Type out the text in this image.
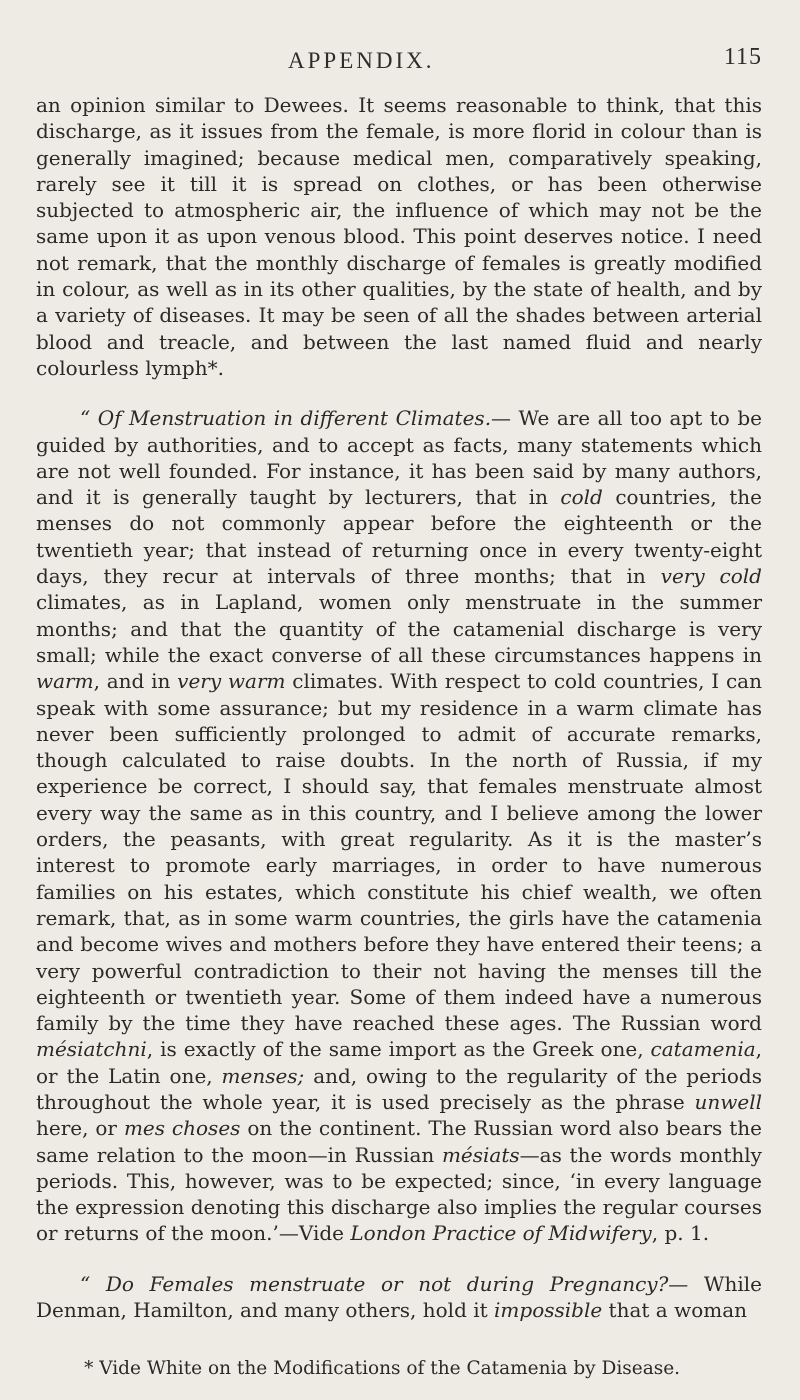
APPENDIX.	115

an opinion similar to Dewees. It seems reasonable to think, that this discharge, as it issues from the female, is more florid in colour than is generally imagined; because medical men, comparatively speaking, rarely see it till it is spread on clothes, or has been otherwise subjected to atmospheric air, the influence of which may not be the same upon it as upon venous blood. This point deserves notice. I need not remark, that the monthly discharge of females is greatly modified in colour, as well as in its other qualities, by the state of health, and by a variety of diseases. It may be seen of all the shades between arterial blood and treacle, and between the last named fluid and nearly colourless lymph*.

“ Of Menstruation in different Climates.— We are all too apt to be guided by authorities, and to accept as facts, many statements which are not well founded. For instance, it has been said by many authors, and it is generally taught by lecturers, that in cold countries, the menses do not commonly appear before the eighteenth or the twentieth year; that instead of returning once in every twenty-eight days, they recur at intervals of three months; that in very cold climates, as in Lapland, women only menstruate in the summer months; and that the quantity of the catamenial discharge is very small; while the exact converse of all these circumstances happens in warm, and in very warm climates. With respect to cold countries, I can speak with some assurance; but my residence in a warm climate has never been sufficiently prolonged to admit of accurate remarks, though calculated to raise doubts. In the north of Russia, if my experience be correct, I should say, that females menstruate almost every way the same as in this country, and I believe among the lower orders, the peasants, with great regularity. As it is the master’s interest to promote early marriages, in order to have numerous families on his estates, which constitute his chief wealth, we often remark, that, as in some warm countries, the girls have the catamenia and become wives and mothers before they have entered their teens; a very powerful contradiction to their not having the menses till the eighteenth or twentieth year. Some of them indeed have a numerous family by the time they have reached these ages. The Russian word mésiatchni, is exactly of the same import as the Greek one, catamenia, or the Latin one, menses; and, owing to the regularity of the periods throughout the whole year, it is used precisely as the phrase unwell here, or mes choses on the continent. The Russian word also bears the same relation to the moon—in Russian mésiats—as the words monthly periods. This, however, was to be expected; since, ‘in every language the expression denoting this discharge also implies the regular courses or returns of the moon.’—Vide London Practice of Midwifery, p. 1.

“ Do Females menstruate or not during Pregnancy?— While Denman, Hamilton, and many others, hold it impossible that a woman

* Vide White on the Modifications of the Catamenia by Disease.
